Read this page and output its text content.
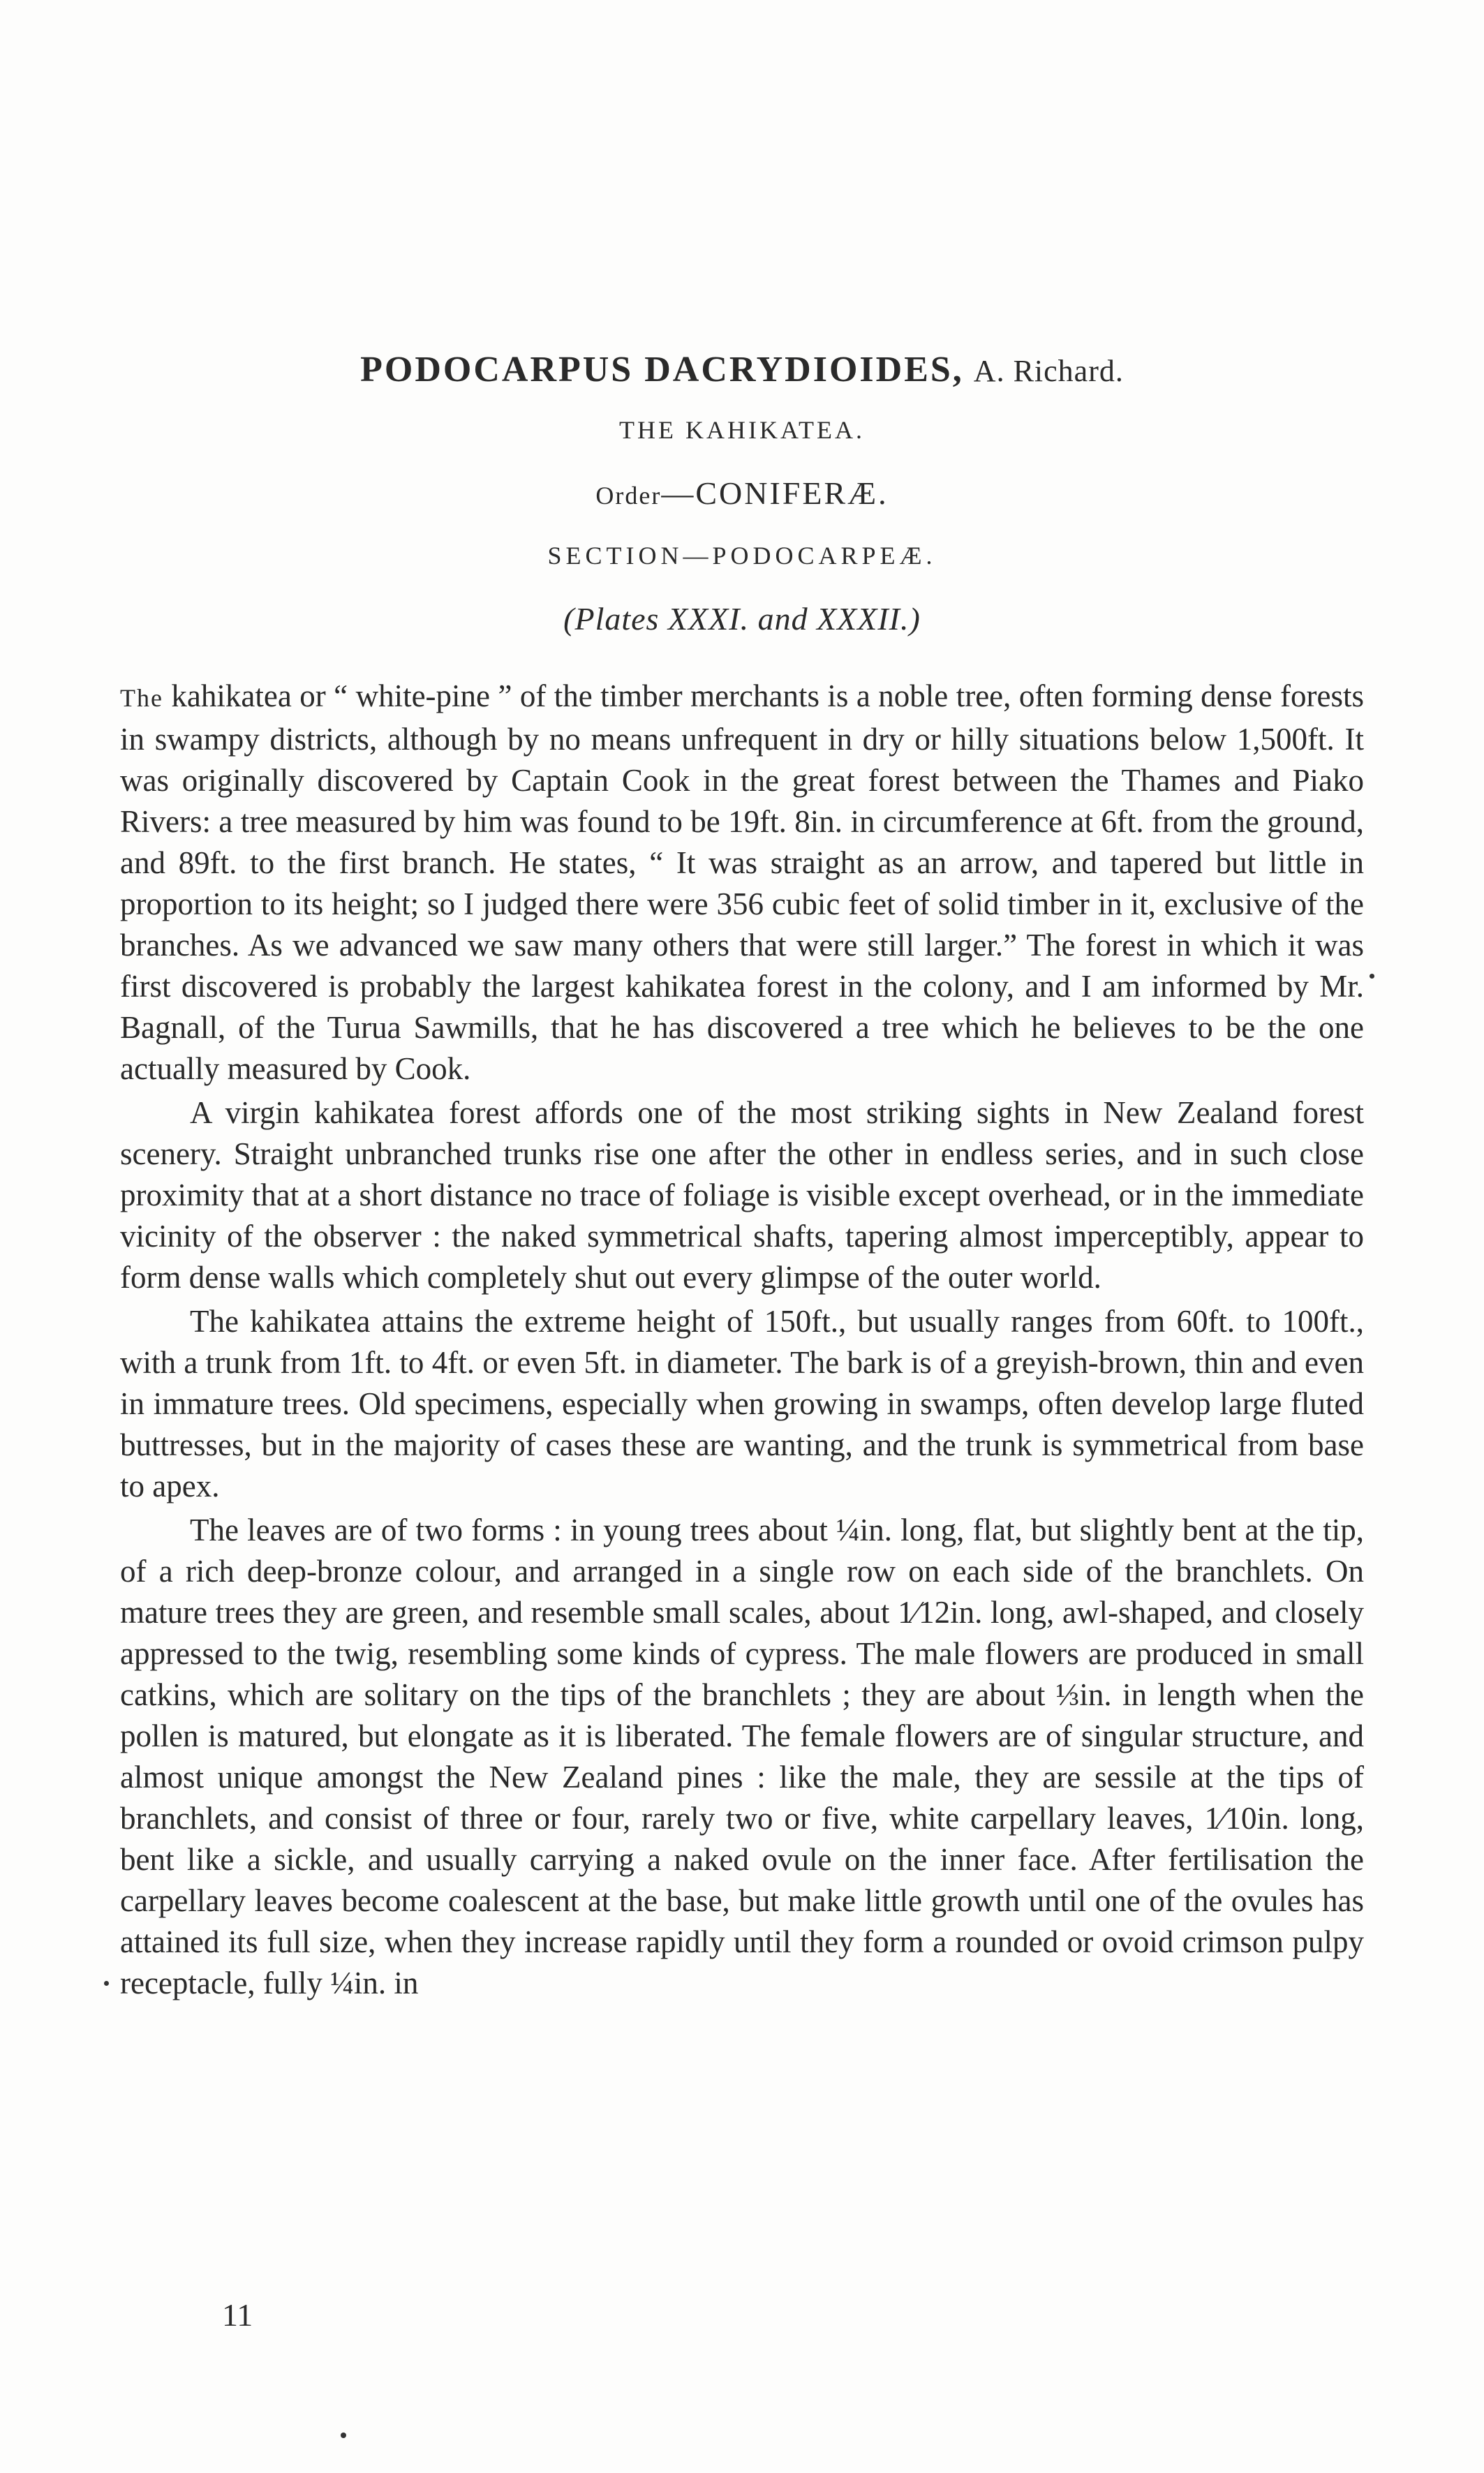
PODOCARPUS DACRYDIOIDES, A. Richard.
THE KAHIKATEA.
Order—CONIFERÆ.
SECTION—PODOCARPEÆ.
(Plates XXXI. and XXXII.)

The kahikatea or “ white-pine ” of the timber merchants is a noble tree, often forming dense forests in swampy districts, although by no means unfrequent in dry or hilly situations below 1,500ft. It was originally discovered by Captain Cook in the great forest between the Thames and Piako Rivers: a tree measured by him was found to be 19ft. 8in. in circumference at 6ft. from the ground, and 89ft. to the first branch. He states, “ It was straight as an arrow, and tapered but little in proportion to its height; so I judged there were 356 cubic feet of solid timber in it, exclusive of the branches. As we advanced we saw many others that were still larger.” The forest in which it was first discovered is probably the largest kahikatea forest in the colony, and I am informed by Mr. Bagnall, of the Turua Sawmills, that he has discovered a tree which he believes to be the one actually measured by Cook.

A virgin kahikatea forest affords one of the most striking sights in New Zealand forest scenery. Straight unbranched trunks rise one after the other in endless series, and in such close proximity that at a short distance no trace of foliage is visible except overhead, or in the immediate vicinity of the observer : the naked symmetrical shafts, tapering almost imperceptibly, appear to form dense walls which completely shut out every glimpse of the outer world.

The kahikatea attains the extreme height of 150ft., but usually ranges from 60ft. to 100ft., with a trunk from 1ft. to 4ft. or even 5ft. in diameter. The bark is of a greyish-brown, thin and even in immature trees. Old specimens, especially when growing in swamps, often develop large fluted buttresses, but in the majority of cases these are wanting, and the trunk is symmetrical from base to apex.

The leaves are of two forms : in young trees about ¼in. long, flat, but slightly bent at the tip, of a rich deep-bronze colour, and arranged in a single row on each side of the branchlets. On mature trees they are green, and resemble small scales, about 1⁄12in. long, awl-shaped, and closely appressed to the twig, resembling some kinds of cypress. The male flowers are produced in small catkins, which are solitary on the tips of the branchlets ; they are about ⅓in. in length when the pollen is matured, but elongate as it is liberated. The female flowers are of singular structure, and almost unique amongst the New Zealand pines : like the male, they are sessile at the tips of branchlets, and consist of three or four, rarely two or five, white carpellary leaves, 1⁄10in. long, bent like a sickle, and usually carrying a naked ovule on the inner face. After fertilisation the carpellary leaves become coalescent at the base, but make little growth until one of the ovules has attained its full size, when they increase rapidly until they form a rounded or ovoid crimson pulpy receptacle, fully ¼in. in

11
